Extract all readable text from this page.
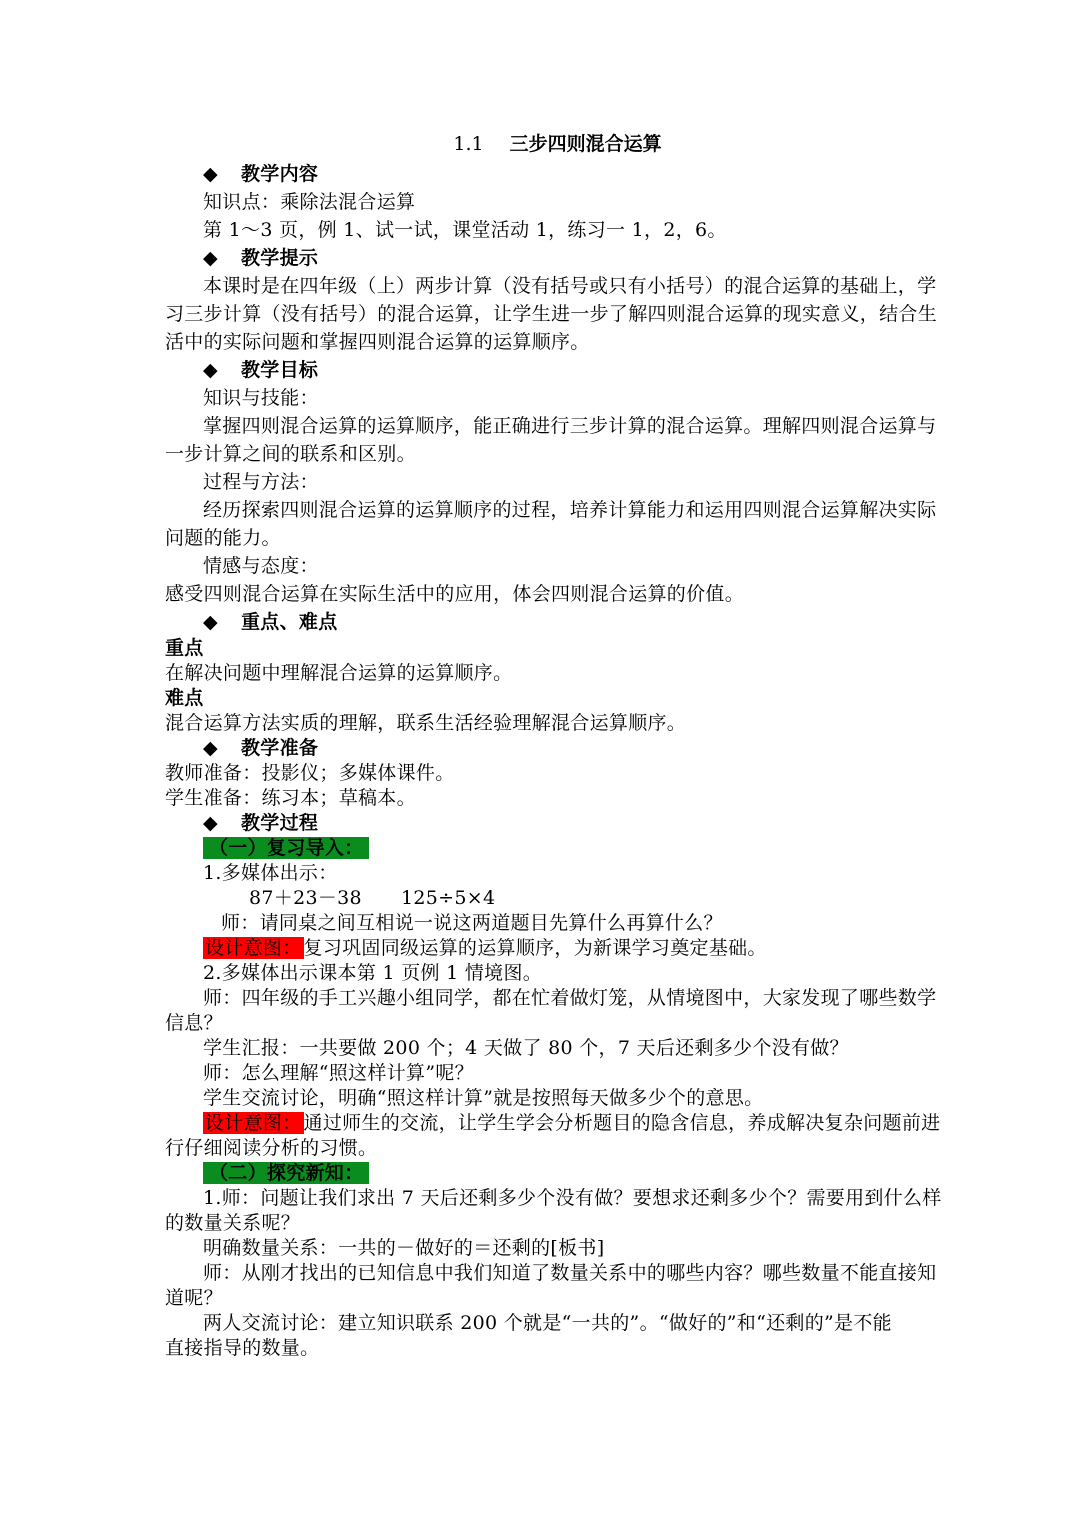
1.1 三步四则混合运算
◆ 教学内容
知识点：乘除法混合运算
第 1～3 页，例 1、试一试，课堂活动 1，练习一 1，2，6。
◆ 教学提示
本课时是在四年级（上）两步计算（没有括号或只有小括号）的混合运算的基础上，学
习三步计算（没有括号）的混合运算，让学生进一步了解四则混合运算的现实意义，结合生
活中的实际问题和掌握四则混合运算的运算顺序。
◆ 教学目标
知识与技能：
掌握四则混合运算的运算顺序，能正确进行三步计算的混合运算。理解四则混合运算与
一步计算之间的联系和区别。
过程与方法：
经历探索四则混合运算的运算顺序的过程，培养计算能力和运用四则混合运算解决实际
问题的能力。
情感与态度：
感受四则混合运算在实际生活中的应用，体会四则混合运算的价值。
◆ 重点、难点
重点
在解决问题中理解混合运算的运算顺序。
难点
混合运算方法实质的理解，联系生活经验理解混合运算顺序。
◆ 教学准备
教师准备：投影仪；多媒体课件。
学生准备：练习本；草稿本。
◆ 教学过程
（一）复习导入：
1.多媒体出示：
87＋23－38 125÷5×4
师：请同桌之间互相说一说这两道题目先算什么再算什么？
设计意图： 复习巩固同级运算的运算顺序，为新课学习奠定基础。
2.多媒体出示课本第 1 页例 1 情境图。
师：四年级的手工兴趣小组同学，都在忙着做灯笼，从情境图中，大家发现了哪些数学
信息？
学生汇报：一共要做 200 个；4 天做了 80 个，7 天后还剩多少个没有做？
师：怎么理解“照这样计算”呢？
学生交流讨论，明确“照这样计算”就是按照每天做多少个的意思。
设计意图： 通过师生的交流，让学生学会分析题目的隐含信息，养成解决复杂问题前进
行仔细阅读分析的习惯。
（二）探究新知：
1.师：问题让我们求出 7 天后还剩多少个没有做？要想求还剩多少个？需要用到什么样
的数量关系呢？
明确数量关系：一共的－做好的＝还剩的[板书]
师：从刚才找出的已知信息中我们知道了数量关系中的哪些内容？哪些数量不能直接知
道呢？
两人交流讨论：建立知识联系 200 个就是“一共的”。“做好的”和“还剩的”是不能
直接指导的数量。
